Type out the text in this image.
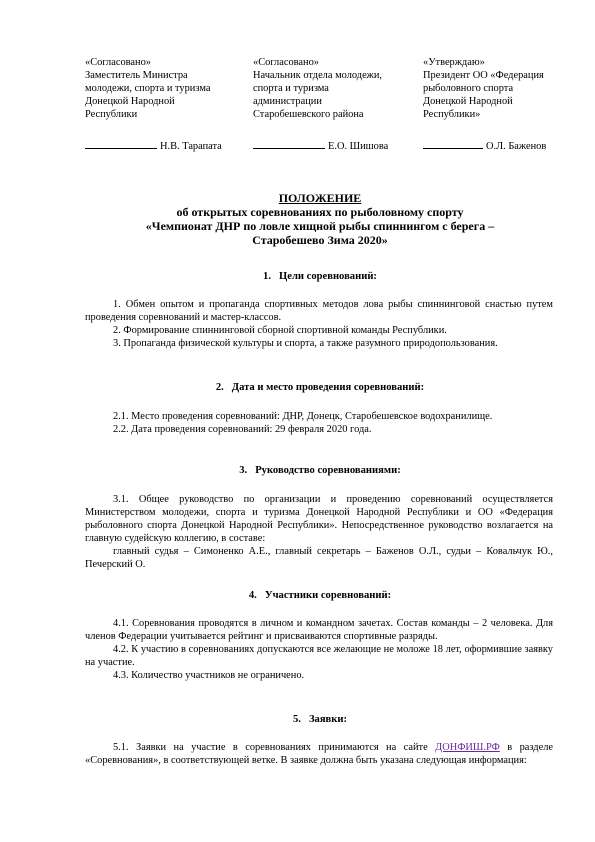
«Согласовано»
Заместитель Министра
молодежи, спорта и туризма
Донецкой Народной
Республики
«Согласовано»
Начальник отдела молодежи,
спорта и туризма
администрации
Старобешевского района
«Утверждаю»
Президент ОО «Федерация
рыболовного спорта
Донецкой Народной
Республики»
Н.В. Тарапата	Е.О. Шишова	О.Л. Баженов
ПОЛОЖЕНИЕ
об открытых соревнованиях по рыболовному спорту
«Чемпионат ДНР по ловле хищной рыбы спиннингом с берега –
Старобешево Зима 2020»
1. Цели соревнований:

1. Обмен опытом и пропаганда спортивных методов лова рыбы спиннинговой снастью путем проведения соревнований и мастер-классов.

2. Формирование спиннинговой сборной спортивной команды Республики.

3. Пропаганда физической культуры и спорта, а также разумного природопользования.

2. Дата и место проведения соревнований:

2.1. Место проведения соревнований: ДНР, Донецк, Старобешевское водохранилище.

2.2. Дата проведения соревнований: 29 февраля 2020 года.

3. Руководство соревнованиями:

3.1. Общее руководство по организации и проведению соревнований осуществляется Министерством молодежи, спорта и туризма Донецкой Народной Республики и ОО «Федерация рыболовного спорта Донецкой Народной Республики». Непосредственное руководство возлагается на главную судейскую коллегию, в составе:

главный судья – Симоненко А.Е., главный секретарь – Баженов О.Л., судьи – Ковальчук Ю., Печерский О.

4. Участники соревнований:

4.1. Соревнования проводятся в личном и командном зачетах. Состав команды – 2 человека. Для членов Федерации учитывается рейтинг и присваиваются спортивные разряды.

4.2. К участию в соревнованиях допускаются все желающие не моложе 18 лет, оформившие заявку на участие.

4.3. Количество участников не ограничено.

5. Заявки:

5.1. Заявки на участие в соревнованиях принимаются на сайте ДОНФИШ.РФ в разделе «Соревнования», в соответствующей ветке. В заявке должна быть указана следующая информация:
